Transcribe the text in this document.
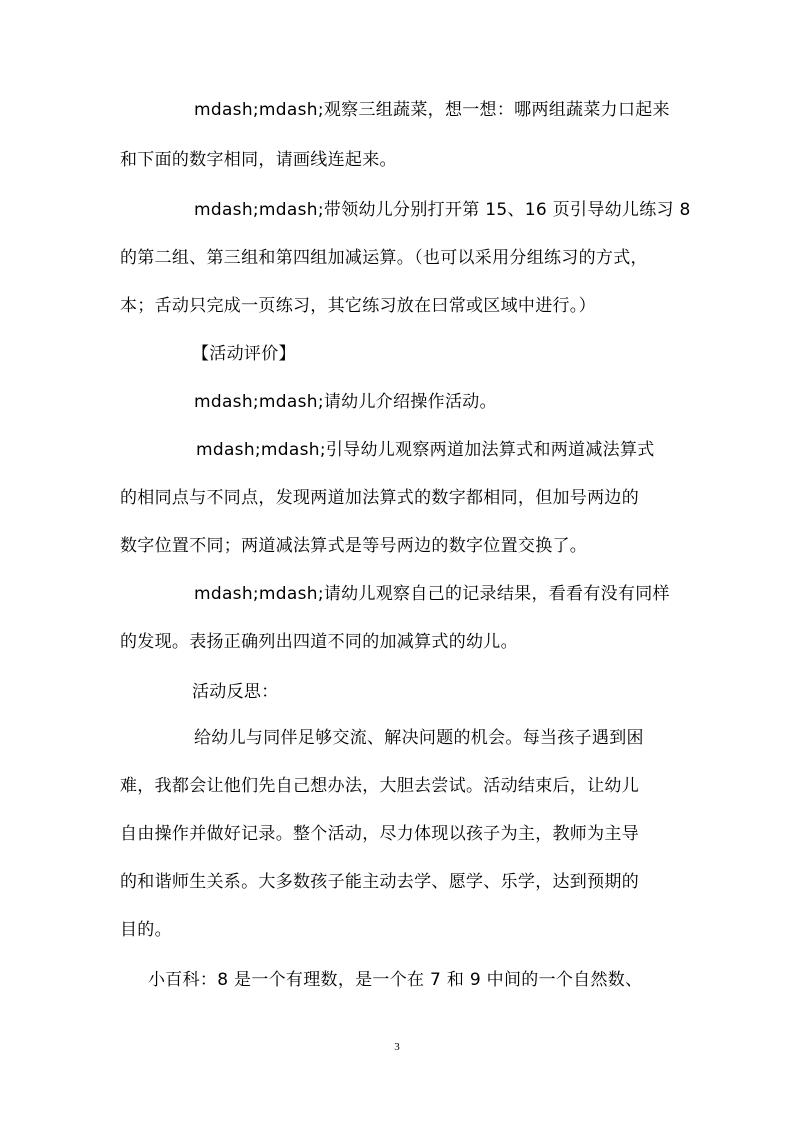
mdash;mdash;观察三组蔬菜，想一想：哪两组蔬菜力口起来
和下面的数字相同，请画线连起来。
mdash;mdash;带领幼儿分别打开第 15、16 页引导幼儿练习 8
的第二组、第三组和第四组加减运算。（也可以采用分组练习的方式，
本；舌动只完成一页练习，其它练习放在曰常或区域中进行。）
【活动评价】
mdash;mdash;请幼儿介绍操作活动。
mdash;mdash;引导幼儿观察两道加法算式和两道减法算式
的相同点与不同点，发现两道加法算式的数字都相同，但加号两边的
数字位置不同；两道减法算式是等号两边的数字位置交换了。
mdash;mdash;请幼儿观察自己的记录结果，看看有没有同样
的发现。表扬正确列出四道不同的加减算式的幼儿。
活动反思：
给幼儿与同伴足够交流、解决问题的机会。每当孩子遇到困
难，我都会让他们先自己想办法，大胆去尝试。活动结束后，让幼儿
自由操作并做好记录。整个活动，尽力体现以孩子为主，教师为主导
的和谐师生关系。大多数孩子能主动去学、愿学、乐学，达到预期的
目的。
小百科：8 是一个有理数，是一个在 7 和 9 中间的一个自然数、
3
